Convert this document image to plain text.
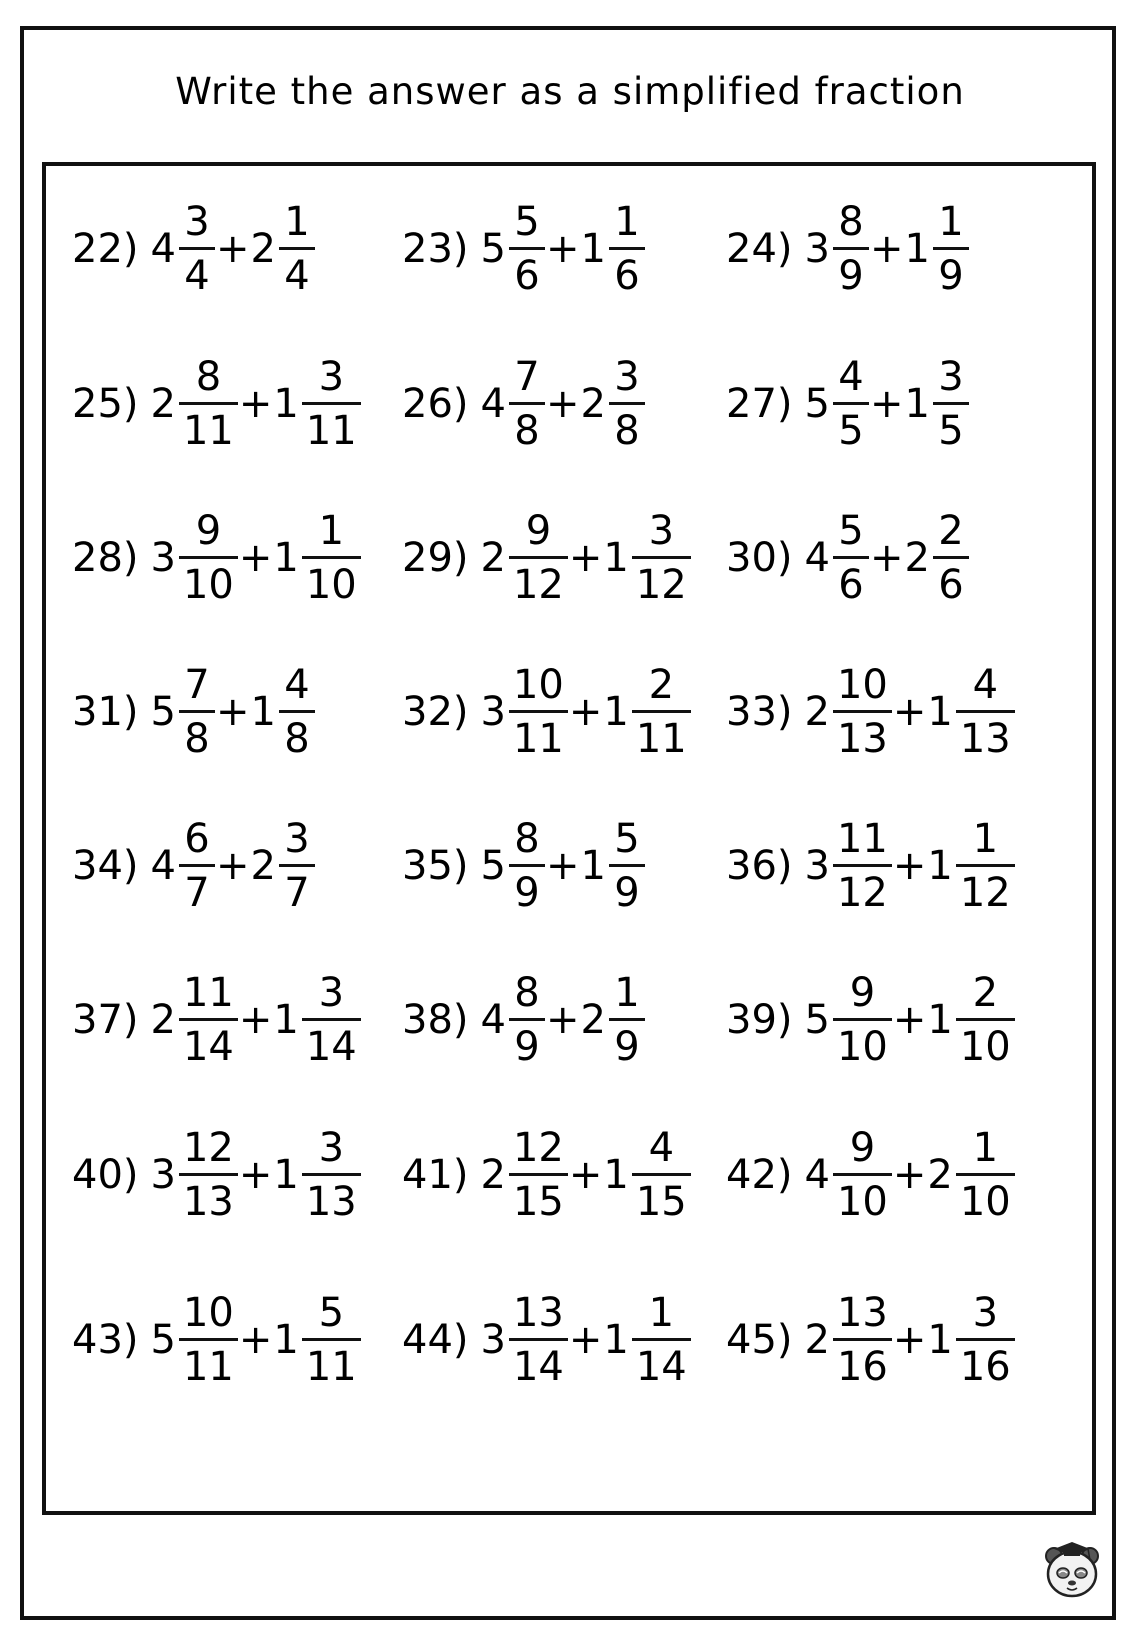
Write the answer as a simplified fraction
22) $4 \frac{3}{4} + 2 \frac{1}{4} 23$) $5 \frac{5}{6} + 1 \frac{1}{6} 24$) $3 \frac{8}{9} + 1 \frac{1}{9}$
25) $2 \frac{8}{11} + 1 \frac{3}{11} 26$) $4 \frac{7}{8} + 2 \frac{3}{8} 27$) $5 \frac{4}{5} + 1 \frac{3}{5}$
28) $3 \frac{9}{10} + 1 \frac{1}{10} 29$) $2 \frac{9}{12} + 1 \frac{3}{12} 30$) $4 \frac{5}{6} + 2 \frac{2}{6}$
31) $5 \frac{7}{8} + 1 \frac{4}{8} 32$) $3 \frac{10}{11} + 1 \frac{2}{11} 33$) $2 \frac{10}{13} + 1 \frac{4}{13}$
34) $4 \frac{6}{7} + 2 \frac{3}{7} 35$) $5 \frac{8}{9} + 1 \frac{5}{9} 36$) $3 \frac{11}{12} + 1 \frac{1}{12}$
37) $2 \frac{11}{14} + 1 \frac{3}{14} 38$) $4 \frac{8}{9} + 2 \frac{1}{9} 39$) $5 \frac{9}{10} + 1 \frac{2}{10}$
40) $3 \frac{12}{13} + 1 \frac{3}{13} 41$) $2 \frac{12}{15} + 1 \frac{4}{15} 42$) $4 \frac{9}{10} + 2 \frac{1}{10}$
43) $5 \frac{10}{11} + 1 \frac{5}{11} 44$) $3 \frac{13}{14} + 1 \frac{1}{14} 45$) $2 \frac{13}{16} + 1 \frac{3}{16}$
